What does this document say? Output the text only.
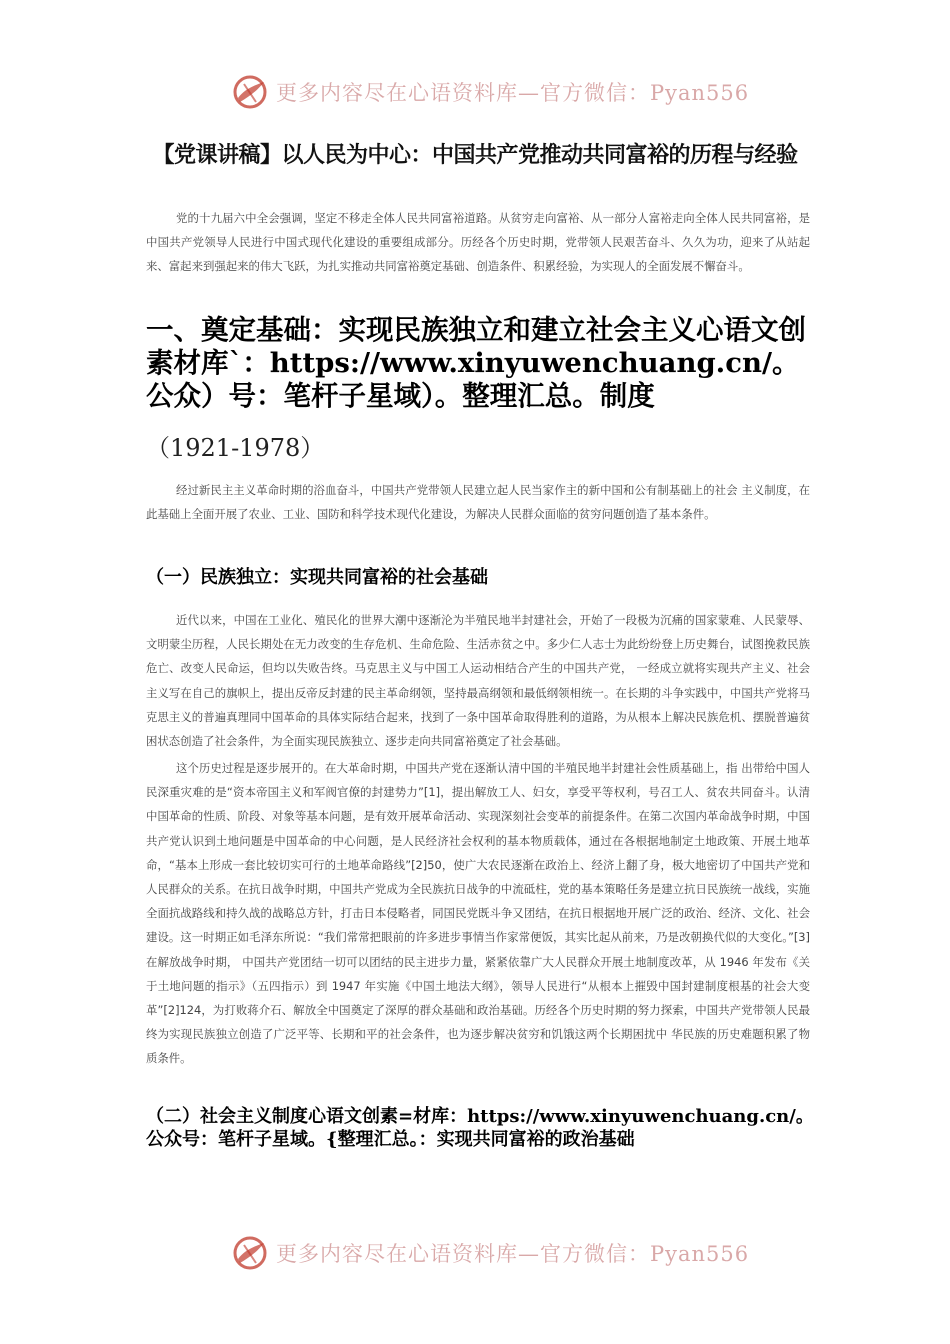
更多内容尽在心语资料库—官方微信：Pyan556
【党课讲稿】以人民为中心：中国共产党推动共同富裕的历程与经验

党的十九届六中全会强调，坚定不移走全体人民共同富裕道路。从贫穷走向富裕、从一部分人富裕走向全体人民共同富裕，是中国共产党领导人民进行中国式现代化建设的重要组成部分。历经各个历史时期，党带领人民艰苦奋斗、久久为功，迎来了从站起来、富起来到强起来的伟大飞跃，为扎实推动共同富裕奠定基础、创造条件、积累经验，为实现人的全面发展不懈奋斗。

一、奠定基础：实现民族独立和建立社会主义心语文创素材库`：https://www.xinyuwenchuang.cn/。公众）号：笔杆子星域）。整理汇总。制度
（1921-1978）

经过新民主主义革命时期的浴血奋斗，中国共产党带领人民建立起人民当家作主的新中国和公有制基础上的社会 主义制度，在此基础上全面开展了农业、工业、国防和科学技术现代化建设，为解决人民群众面临的贫穷问题创造了基本条件。

（一）民族独立：实现共同富裕的社会基础

近代以来，中国在工业化、殖民化的世界大潮中逐渐沦为半殖民地半封建社会，开始了一段极为沉痛的国家蒙难、人民蒙辱、文明蒙尘历程，人民长期处在无力改变的生存危机、生命危险、生活赤贫之中。多少仁人志士为此纷纷登上历史舞台，试图挽救民族危亡、改变人民命运，但均以失败告终。马克思主义与中国工人运动相结合产生的中国共产党， 一经成立就将实现共产主义、社会主义写在自己的旗帜上，提出反帝反封建的民主革命纲领，坚持最高纲领和最低纲领相统一。在长期的斗争实践中，中国共产党将马克思主义的普遍真理同中国革命的具体实际结合起来，找到了一条中国革命取得胜利的道路，为从根本上解决民族危机、摆脱普遍贫困状态创造了社会条件，为全面实现民族独立、逐步走向共同富裕奠定了社会基础。

这个历史过程是逐步展开的。在大革命时期，中国共产党在逐渐认清中国的半殖民地半封建社会性质基础上，指 出带给中国人民深重灾难的是“资本帝国主义和军阀官僚的封建势力”[1]，提出解放工人、妇女，享受平等权利，号召工人、贫农共同奋斗。认清中国革命的性质、阶段、对象等基本问题，是有效开展革命活动、实现深刻社会变革的前提条件。在第二次国内革命战争时期，中国共产党认识到土地问题是中国革命的中心问题，是人民经济社会权利的基本物质载体，通过在各根据地制定土地政策、开展土地革命，“基本上形成一套比较切实可行的土地革命路线”[2]50，使广大农民逐渐在政治上、经济上翻了身，极大地密切了中国共产党和人民群众的关系。在抗日战争时期，中国共产党成为全民族抗日战争的中流砥柱，党的基本策略任务是建立抗日民族统一战线，实施全面抗战路线和持久战的战略总方针，打击日本侵略者，同国民党既斗争又团结，在抗日根据地开展广泛的政治、经济、文化、社会建设。这一时期正如毛泽东所说：“我们常常把眼前的许多进步事情当作家常便饭，其实比起从前来，乃是改朝换代似的大变化。”[3]在解放战争时期， 中国共产党团结一切可以团结的民主进步力量，紧紧依靠广大人民群众开展土地制度改革，从 1946 年发布《关于土地问题的指示》（五四指示）到 1947 年实施《中国土地法大纲》，领导人民进行“从根本上摧毁中国封建制度根基的社会大变革”[2]124，为打败蒋介石、解放全中国奠定了深厚的群众基础和政治基础。历经各个历史时期的努力探索，中国共产党带领人民最终为实现民族独立创造了广泛平等、长期和平的社会条件，也为逐步解决贫穷和饥饿这两个长期困扰中 华民族的历史难题积累了物质条件。

（二）社会主义制度心语文创素=材库：https://www.xinyuwenchuang.cn/。公众号：笔杆子星域。{整理汇总。：实现共同富裕的政治基础
更多内容尽在心语资料库—官方微信：Pyan556
